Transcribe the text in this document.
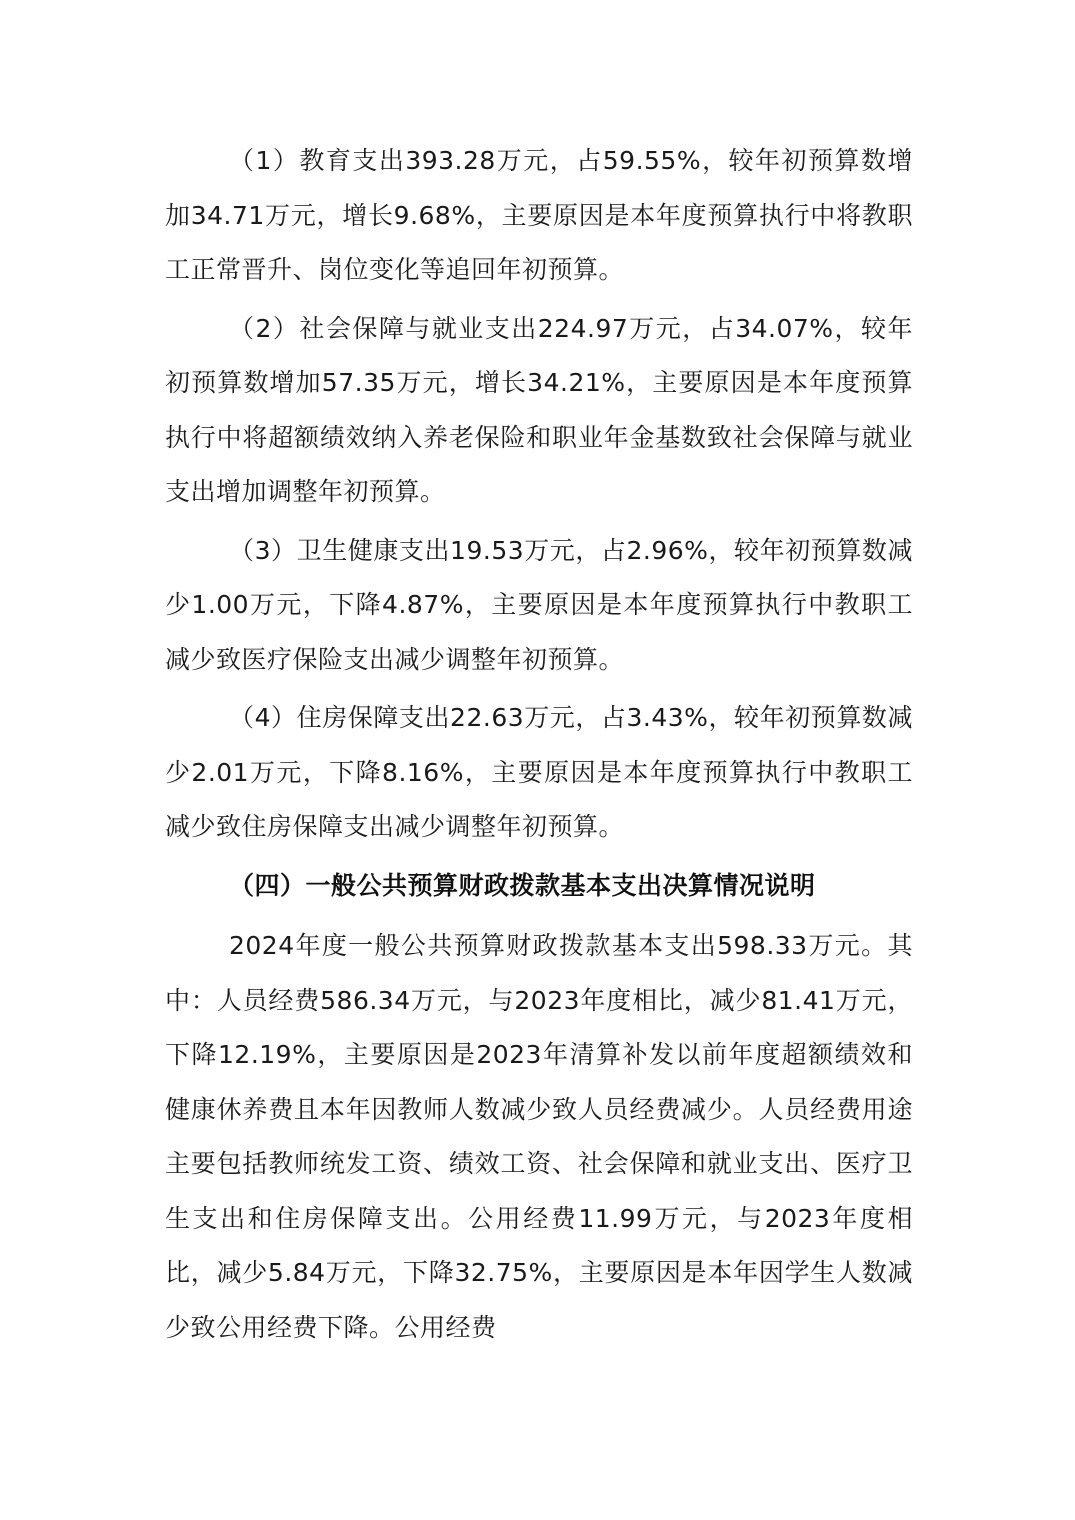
（1）教育支出393.28万元，占59.55%，较年初预算数增加34.71万元，增长9.68%，主要原因是本年度预算执行中将教职工正常晋升、岗位变化等追回年初预算。

（2）社会保障与就业支出224.97万元，占34.07%，较年初预算数增加57.35万元，增长34.21%，主要原因是本年度预算执行中将超额绩效纳入养老保险和职业年金基数致社会保障与就业支出增加调整年初预算。

（3）卫生健康支出19.53万元，占2.96%，较年初预算数减少1.00万元，下降4.87%，主要原因是本年度预算执行中教职工减少致医疗保险支出减少调整年初预算。

（4）住房保障支出22.63万元，占3.43%，较年初预算数减少2.01万元，下降8.16%，主要原因是本年度预算执行中教职工减少致住房保障支出减少调整年初预算。

（四）一般公共预算财政拨款基本支出决算情况说明

2024年度一般公共预算财政拨款基本支出598.33万元。其中：人员经费586.34万元，与2023年度相比，减少81.41万元，下降12.19%，主要原因是2023年清算补发以前年度超额绩效和健康休养费且本年因教师人数减少致人员经费减少。人员经费用途主要包括教师统发工资、绩效工资、社会保障和就业支出、医疗卫生支出和住房保障支出。公用经费11.99万元，与2023年度相比，减少5.84万元，下降32.75%，主要原因是本年因学生人数减少致公用经费下降。公用经费
